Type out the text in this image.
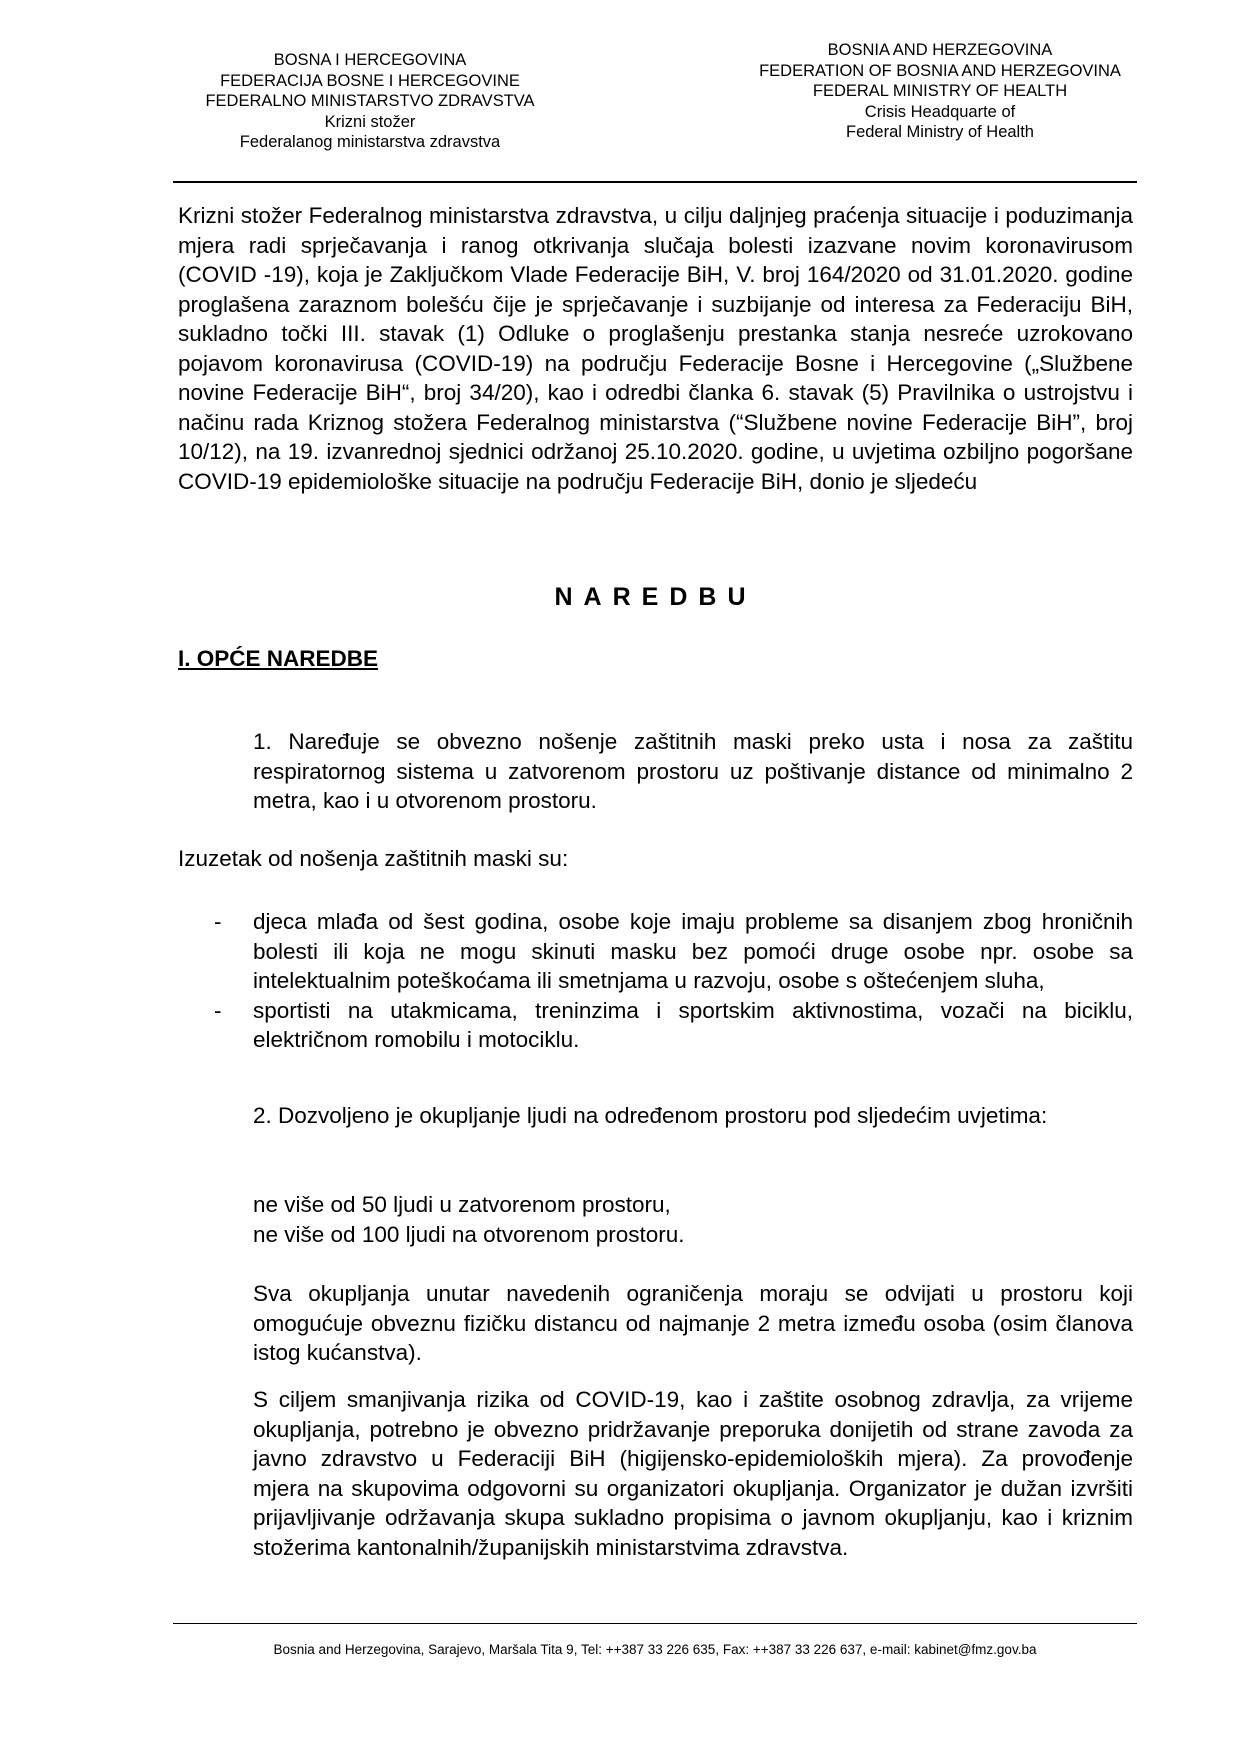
BOSNA I HERCEGOVINA
FEDERACIJA BOSNE I HERCEGOVINE
FEDERALNO MINISTARSTVO ZDRAVSTVA
Krizni stožer
Federalanog ministarstva zdravstva
BOSNIA AND HERZEGOVINA
FEDERATION OF BOSNIA AND HERZEGOVINA
FEDERAL MINISTRY OF HEALTH
Crisis Headquarte of
Federal Ministry of Health
Krizni stožer Federalnog ministarstva zdravstva, u cilju daljnjeg praćenja situacije i poduzimanja mjera radi sprječavanja i ranog otkrivanja slučaja bolesti izazvane novim koronavirusom (COVID -19), koja je Zaključkom Vlade Federacije BiH, V. broj 164/2020 od 31.01.2020. godine proglašena zaraznom bolešću čije je sprječavanje i suzbijanje od interesa za Federaciju BiH, sukladno točki III. stavak (1) Odluke o proglašenju prestanka stanja nesreće uzrokovano pojavom koronavirusa (COVID-19) na području Federacije Bosne i Hercegovine („Službene novine Federacije BiH“, broj 34/20), kao i odredbi članka 6. stavak (5) Pravilnika o ustrojstvu i načinu rada Kriznog stožera Federalnog ministarstva (“Službene novine Federacije BiH”, broj 10/12), na 19. izvanrednoj sjednici održanoj 25.10.2020. godine, u uvjetima ozbiljno pogoršane COVID-19 epidemiološke situacije na području Federacije BiH, donio je sljedeću
NAREDBU
I. OPĆE NAREDBE
1. Naređuje se obvezno nošenje zaštitnih maski preko usta i nosa za zaštitu respiratornog sistema u zatvorenom prostoru uz poštivanje distance od minimalno 2 metra, kao i u otvorenom prostoru.
Izuzetak od nošenja zaštitnih maski su:
- djeca mlađa od šest godina, osobe koje imaju probleme sa disanjem zbog hroničnih bolesti ili koja ne mogu skinuti masku bez pomoći druge osobe npr. osobe sa intelektualnim poteškoćama ili smetnjama u razvoju, osobe s oštećenjem sluha,
- sportisti na utakmicama, treninzima i sportskim aktivnostima, vozači na biciklu, električnom romobilu i motociklu.
2. Dozvoljeno je okupljanje ljudi na određenom prostoru pod sljedećim uvjetima:
ne više od 50 ljudi u zatvorenom prostoru,
ne više od 100 ljudi na otvorenom prostoru.
Sva okupljanja unutar navedenih ograničenja moraju se odvijati u prostoru koji omogućuje obveznu fizičku distancu od najmanje 2 metra između osoba (osim članova istog kućanstva).
S ciljem smanjivanja rizika od COVID-19, kao i zaštite osobnog zdravlja, za vrijeme okupljanja, potrebno je obvezno pridržavanje preporuka donijetih od strane zavoda za javno zdravstvo u Federaciji BiH (higijensko-epidemioloških mjera). Za provođenje mjera na skupovima odgovorni su organizatori okupljanja. Organizator je dužan izvršiti prijavljivanje održavanja skupa sukladno propisima o javnom okupljanju, kao i kriznim stožerima kantonalnih/županijskih ministarstvima zdravstva.
Bosnia and Herzegovina, Sarajevo, Maršala Tita 9, Tel: ++387 33 226 635, Fax: ++387 33 226 637, e-mail: kabinet@fmz.gov.ba
